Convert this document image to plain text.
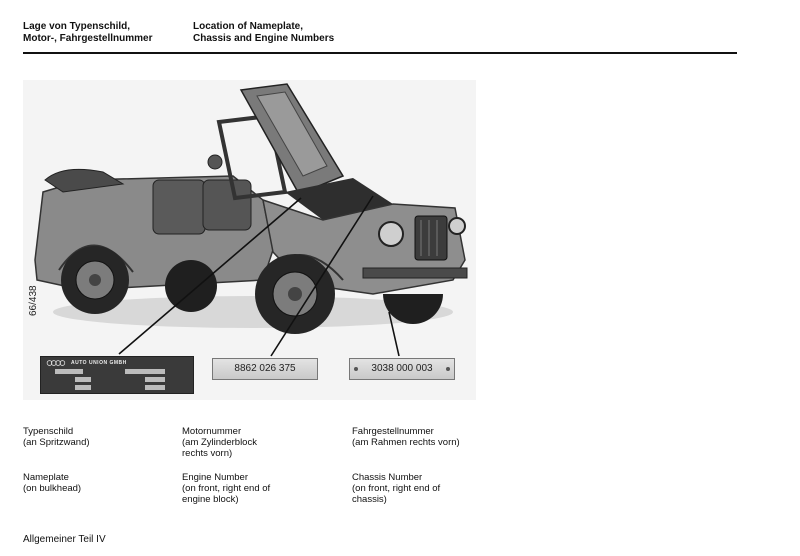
Lage von Typenschild,
Motor-, Fahrgestellnummer
Location of Nameplate,
Chassis and Engine Numbers
66/438
AUTO UNION GMBH	8862 026 375	3038 000 003
Typenschild
(an Spritzwand)
Motornummer
(am Zylinderblock
rechts vorn)
Fahrgestellnummer
(am Rahmen rechts vorn)
Nameplate
(on bulkhead)
Engine Number
(on front, right end of
engine block)
Chassis Number
(on front, right end of
chassis)
Allgemeiner Teil IV
